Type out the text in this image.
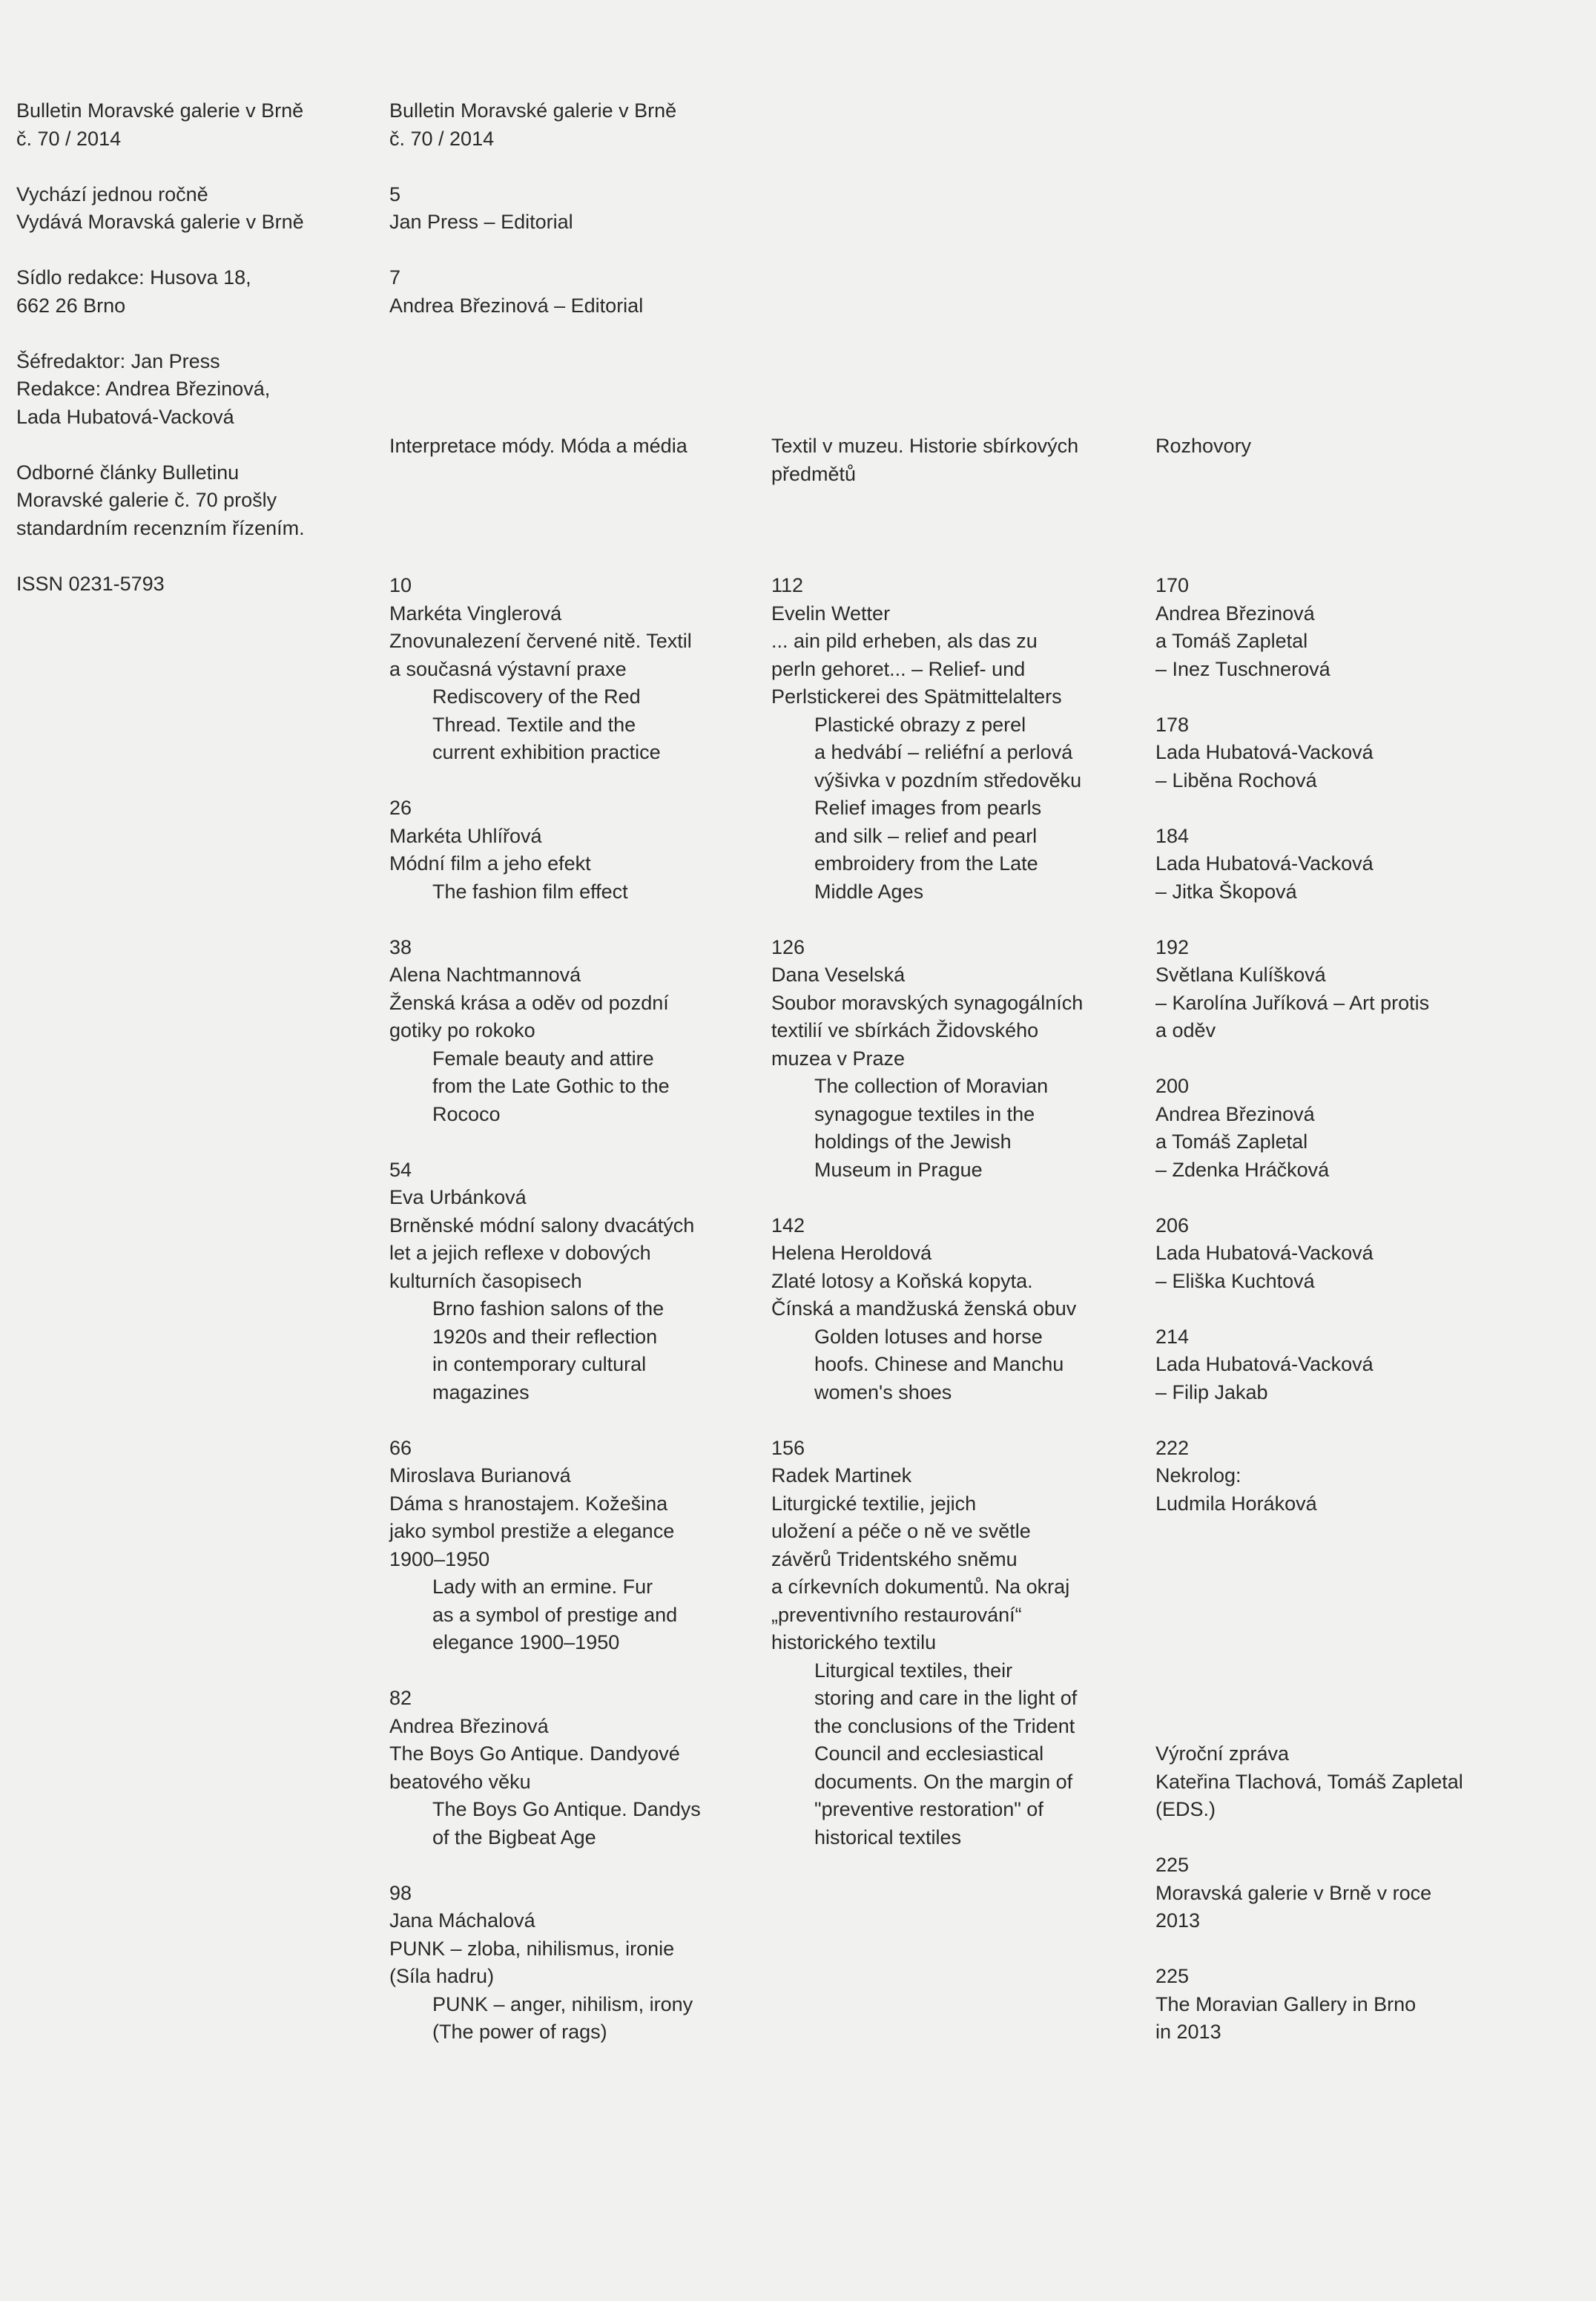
Bulletin Moravské galerie v Brně
č. 70 / 2014
Vychází jednou ročně
Vydává Moravská galerie v Brně
Sídlo redakce: Husova 18,
662 26 Brno
Šéfredaktor: Jan Press
Redakce: Andrea Březinová,
Lada Hubatová-Vacková
Odborné články Bulletinu
Moravské galerie č. 70 prošly
standardním recenzním řízením.
ISSN 0231-5793
Bulletin Moravské galerie v Brně
č. 70 / 2014
5
Jan Press – Editorial
7
Andrea Březinová – Editorial
Interpretace módy. Móda a média	Textil v muzeu. Historie sbírkových
předmětů
Rozhovory
10
Markéta Vinglerová
Znovunalezení červené nitě. Textil
a současná výstavní praxe
Rediscovery of the Red
Thread. Textile and the
current exhibition practice
26
Markéta Uhlířová
Módní film a jeho efekt
The fashion film effect
38
Alena Nachtmannová
Ženská krása a oděv od pozdní
gotiky po rokoko
Female beauty and attire
from the Late Gothic to the
Rococo
54
Eva Urbánková
Brněnské módní salony dvacátých
let a jejich reflexe v dobových
kulturních časopisech
Brno fashion salons of the
1920s and their reflection
in contemporary cultural
magazines
66
Miroslava Burianová
Dáma s hranostajem. Kožešina
jako symbol prestiže a elegance
1900–1950
Lady with an ermine. Fur
as a symbol of prestige and
elegance 1900–1950
82
Andrea Březinová
The Boys Go Antique. Dandyové
beatového věku
The Boys Go Antique. Dandys
of the Bigbeat Age
98
Jana Máchalová
PUNK – zloba, nihilismus, ironie
(Síla hadru)
PUNK – anger, nihilism, irony
(The power of rags)
112
Evelin Wetter
... ain pild erheben, als das zu
perln gehoret... – Relief- und
Perlstickerei des Spätmittelalters
Plastické obrazy z perel
a hedvábí – reliéfní a perlová
výšivka v pozdním středověku
Relief images from pearls
and silk – relief and pearl
embroidery from the Late
Middle Ages
126
Dana Veselská
Soubor moravských synagogálních
textilií ve sbírkách Židovského
muzea v Praze
The collection of Moravian
synagogue textiles in the
holdings of the Jewish
Museum in Prague
142
Helena Heroldová
Zlaté lotosy a Koňská kopyta.
Čínská a mandžuská ženská obuv
Golden lotuses and horse
hoofs. Chinese and Manchu
women's shoes
156
Radek Martinek
Liturgické textilie, jejich
uložení a péče o ně ve světle
závěrů Tridentského sněmu
a církevních dokumentů. Na okraj
„preventivního restaurování“
historického textilu
Liturgical textiles, their
storing and care in the light of
the conclusions of the Trident
Council and ecclesiastical
documents. On the margin of
"preventive restoration" of
historical textiles
170
Andrea Březinová
a Tomáš Zapletal
– Inez Tuschnerová
178
Lada Hubatová-Vacková
– Liběna Rochová
184
Lada Hubatová-Vacková
– Jitka Škopová
192
Světlana Kulíšková
– Karolína Juříková – Art protis
a oděv
200
Andrea Březinová
a Tomáš Zapletal
– Zdenka Hráčková
206
Lada Hubatová-Vacková
– Eliška Kuchtová
214
Lada Hubatová-Vacková
– Filip Jakab
222
Nekrolog:
Ludmila Horáková
Výroční zpráva
Kateřina Tlachová, Tomáš Zapletal
(EDS.)
225
Moravská galerie v Brně v roce
2013
225
The Moravian Gallery in Brno
in 2013
